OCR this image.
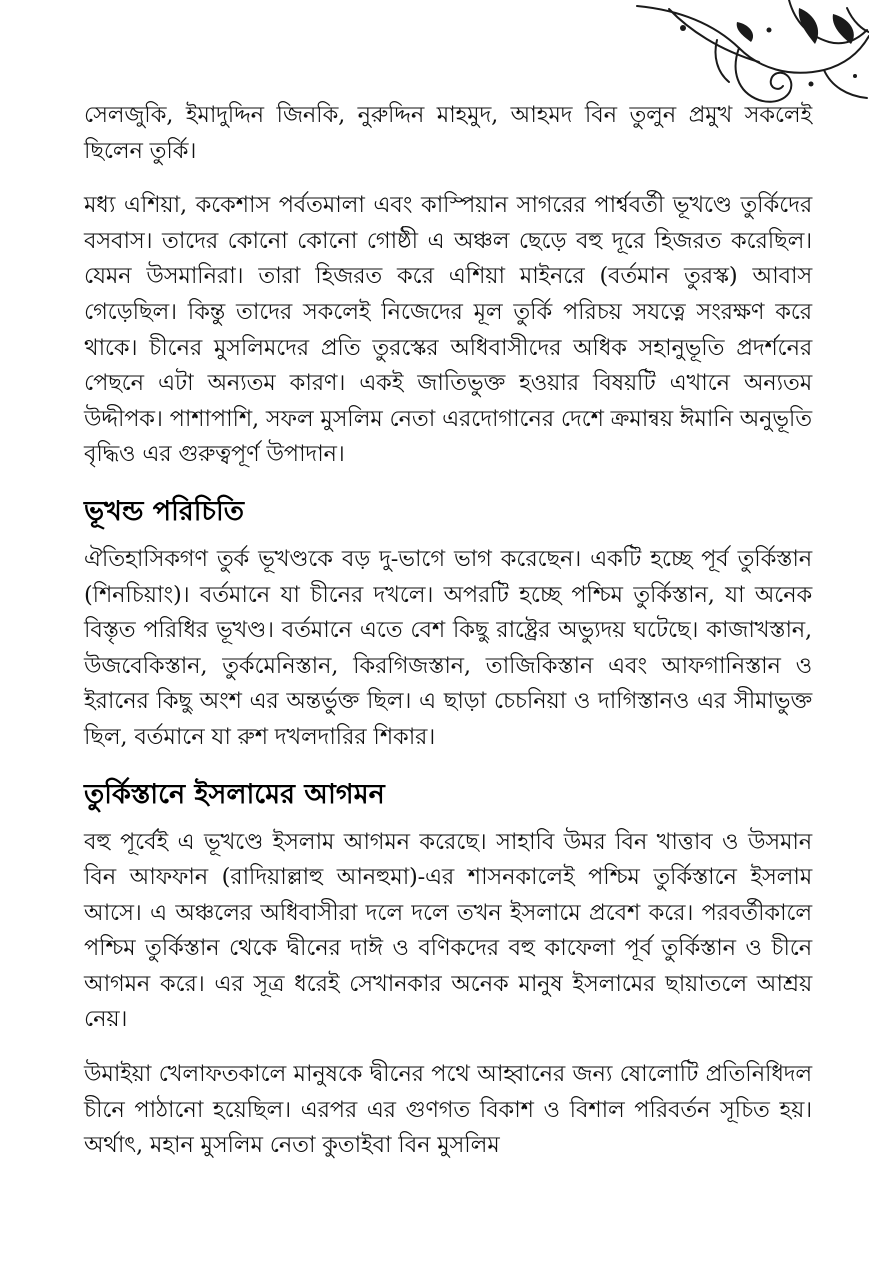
সেলজুকি, ইমাদুদ্দিন জিনকি, নুরুদ্দিন মাহমুদ, আহমদ বিন তুলুন প্রমুখ সকলেই ছিলেন তুর্কি।

মধ্য এশিয়া, ককেশাস পর্বতমালা এবং কাস্পিয়ান সাগরের পার্শ্ববর্তী ভূখণ্ডে তুর্কিদের বসবাস। তাদের কোনো কোনো গোষ্ঠী এ অঞ্চল ছেড়ে বহু দূরে হিজরত করেছিল। যেমন উসমানিরা। তারা হিজরত করে এশিয়া মাইনরে (বর্তমান তুরস্ক) আবাস গেড়েছিল। কিন্তু তাদের সকলেই নিজেদের মূল তুর্কি পরিচয় সযত্নে সংরক্ষণ করে থাকে। চীনের মুসলিমদের প্রতি তুরস্কের অধিবাসীদের অধিক সহানুভূতি প্রদর্শনের পেছনে এটা অন্যতম কারণ। একই জাতিভুক্ত হওয়ার বিষয়টি এখানে অন্যতম উদ্দীপক। পাশাপাশি, সফল মুসলিম নেতা এরদোগানের দেশে ক্রমান্বয় ঈমানি অনুভূতি বৃদ্ধিও এর গুরুত্বপূর্ণ উপাদান।

ভূখন্ড পরিচিতি

ঐতিহাসিকগণ তুর্ক ভূখণ্ডকে বড় দু-ভাগে ভাগ করেছেন। একটি হচ্ছে পূর্ব তুর্কিস্তান (শিনচিয়াং)। বর্তমানে যা চীনের দখলে। অপরটি হচ্ছে পশ্চিম তুর্কিস্তান, যা অনেক বিস্তৃত পরিধির ভূখণ্ড। বর্তমানে এতে বেশ কিছু রাষ্ট্রের অভ্যুদয় ঘটেছে। কাজাখস্তান, উজবেকিস্তান, তুর্কমেনিস্তান, কিরগিজস্তান, তাজিকিস্তান এবং আফগানিস্তান ও ইরানের কিছু অংশ এর অন্তর্ভুক্ত ছিল। এ ছাড়া চেচনিয়া ও দাগিস্তানও এর সীমাভুক্ত ছিল, বর্তমানে যা রুশ দখলদারির শিকার।

তুর্কিস্তানে ইসলামের আগমন

বহু পূর্বেই এ ভূখণ্ডে ইসলাম আগমন করেছে। সাহাবি উমর বিন খাত্তাব ও উসমান বিন আফফান (রাদিয়াল্লাহু আনহুমা)-এর শাসনকালেই পশ্চিম তুর্কিস্তানে ইসলাম আসে। এ অঞ্চলের অধিবাসীরা দলে দলে তখন ইসলামে প্রবেশ করে। পরবর্তীকালে পশ্চিম তুর্কিস্তান থেকে দ্বীনের দাঈ ও বণিকদের বহু কাফেলা পূর্ব তুর্কিস্তান ও চীনে আগমন করে। এর সূত্র ধরেই সেখানকার অনেক মানুষ ইসলামের ছায়াতলে আশ্রয় নেয়।

উমাইয়া খেলাফতকালে মানুষকে দ্বীনের পথে আহ্বানের জন্য ষোলোটি প্রতিনিধিদল চীনে পাঠানো হয়েছিল। এরপর এর গুণগত বিকাশ ও বিশাল পরিবর্তন সূচিত হয়। অর্থাৎ, মহান মুসলিম নেতা কুতাইবা বিন মুসলিম
